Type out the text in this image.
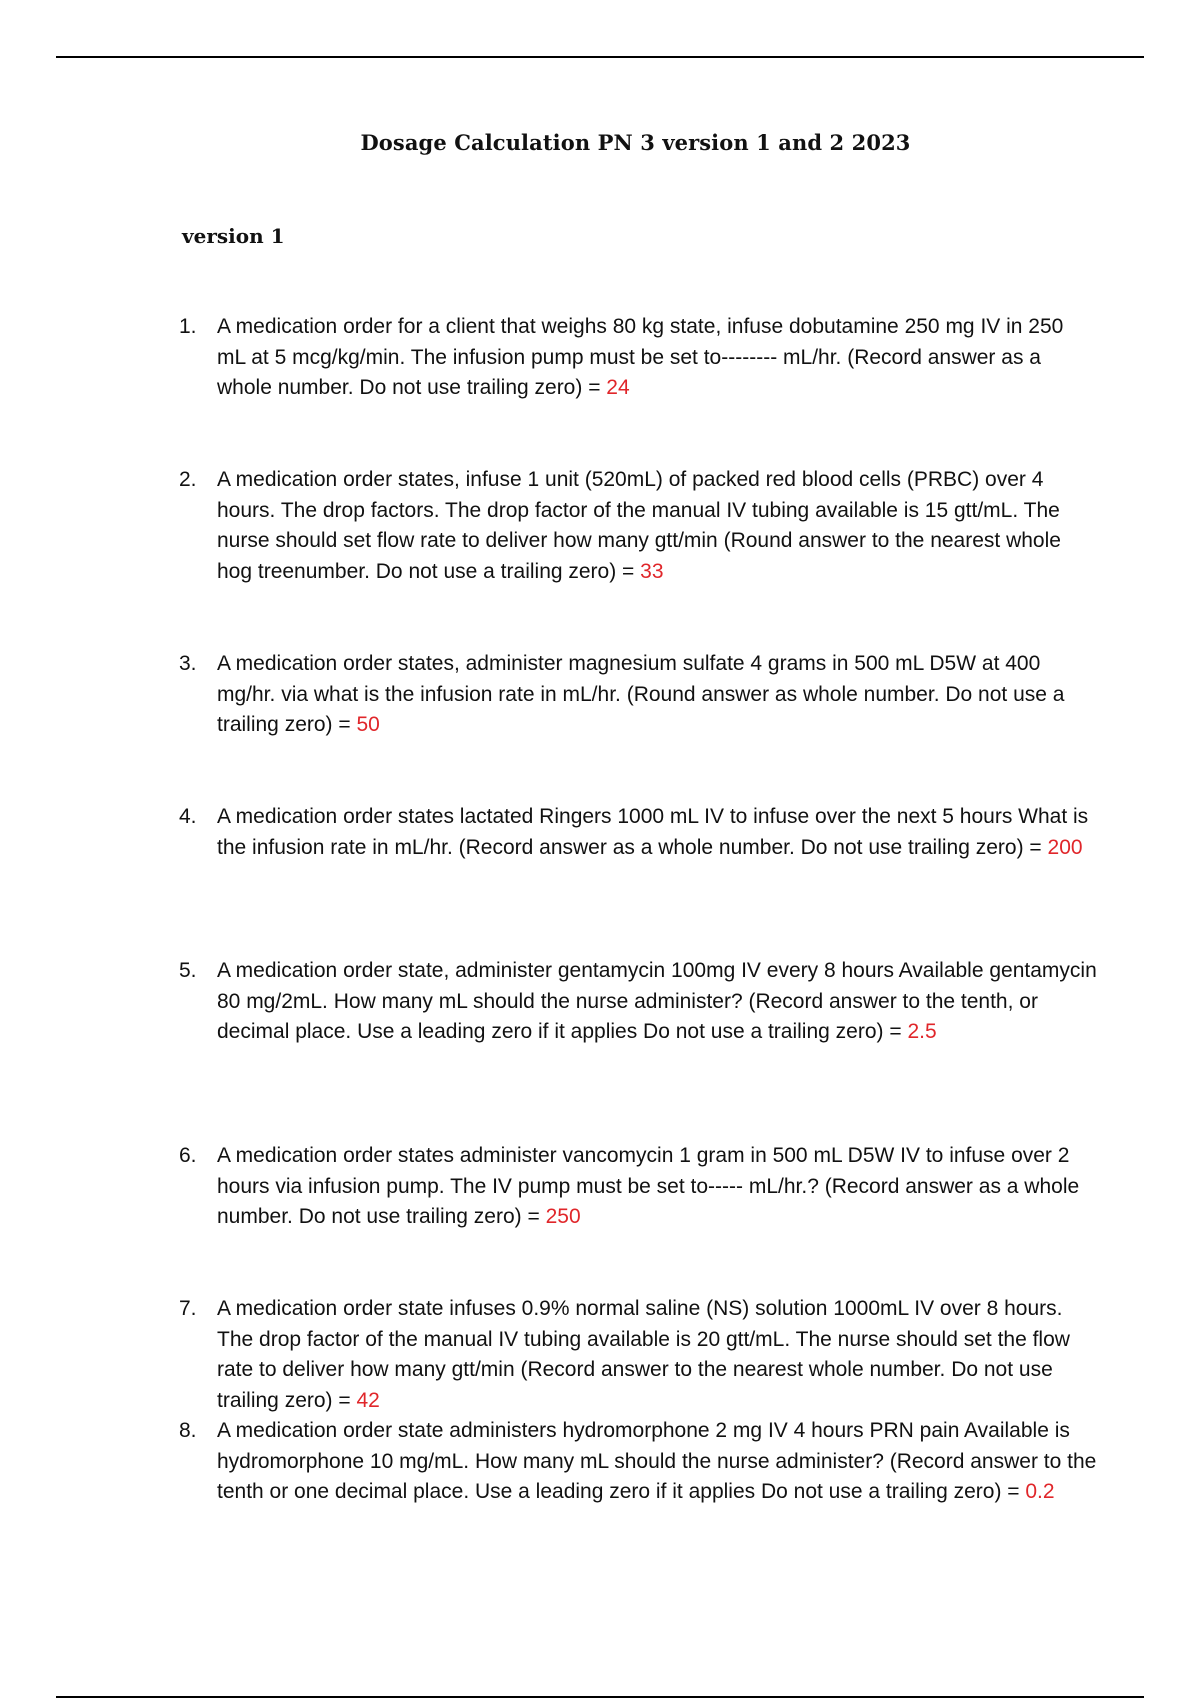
Dosage Calculation PN 3 version 1 and 2 2023
version 1
1. A medication order for a client that weighs 80 kg state, infuse dobutamine 250 mg IV in 250 mL at 5 mcg/kg/min. The infusion pump must be set to-------- mL/hr. (Record answer as a whole number. Do not use trailing zero) = 24
2. A medication order states, infuse 1 unit (520mL) of packed red blood cells (PRBC) over 4 hours. The drop factors. The drop factor of the manual IV tubing available is 15 gtt/mL. The nurse should set flow rate to deliver how many gtt/min (Round answer to the nearest whole hog treenumber. Do not use a trailing zero) = 33
3. A medication order states, administer magnesium sulfate 4 grams in 500 mL D5W at 400 mg/hr. via what is the infusion rate in mL/hr. (Round answer as whole number. Do not use a trailing zero) = 50
4. A medication order states lactated Ringers 1000 mL IV to infuse over the next 5 hours What is the infusion rate in mL/hr. (Record answer as a whole number. Do not use trailing zero) = 200
5. A medication order state, administer gentamycin 100mg IV every 8 hours Available gentamycin 80 mg/2mL. How many mL should the nurse administer? (Record answer to the tenth, or decimal place. Use a leading zero if it applies Do not use a trailing zero) = 2.5
6. A medication order states administer vancomycin 1 gram in 500 mL D5W IV to infuse over 2 hours via infusion pump. The IV pump must be set to----- mL/hr.? (Record answer as a whole number. Do not use trailing zero) = 250
7. A medication order state infuses 0.9% normal saline (NS) solution 1000mL IV over 8 hours. The drop factor of the manual IV tubing available is 20 gtt/mL. The nurse should set the flow rate to deliver how many gtt/min (Record answer to the nearest whole number. Do not use trailing zero) = 42
8. A medication order state administers hydromorphone 2 mg IV 4 hours PRN pain Available is hydromorphone 10 mg/mL. How many mL should the nurse administer? (Record answer to the tenth or one decimal place. Use a leading zero if it applies Do not use a trailing zero) = 0.2
